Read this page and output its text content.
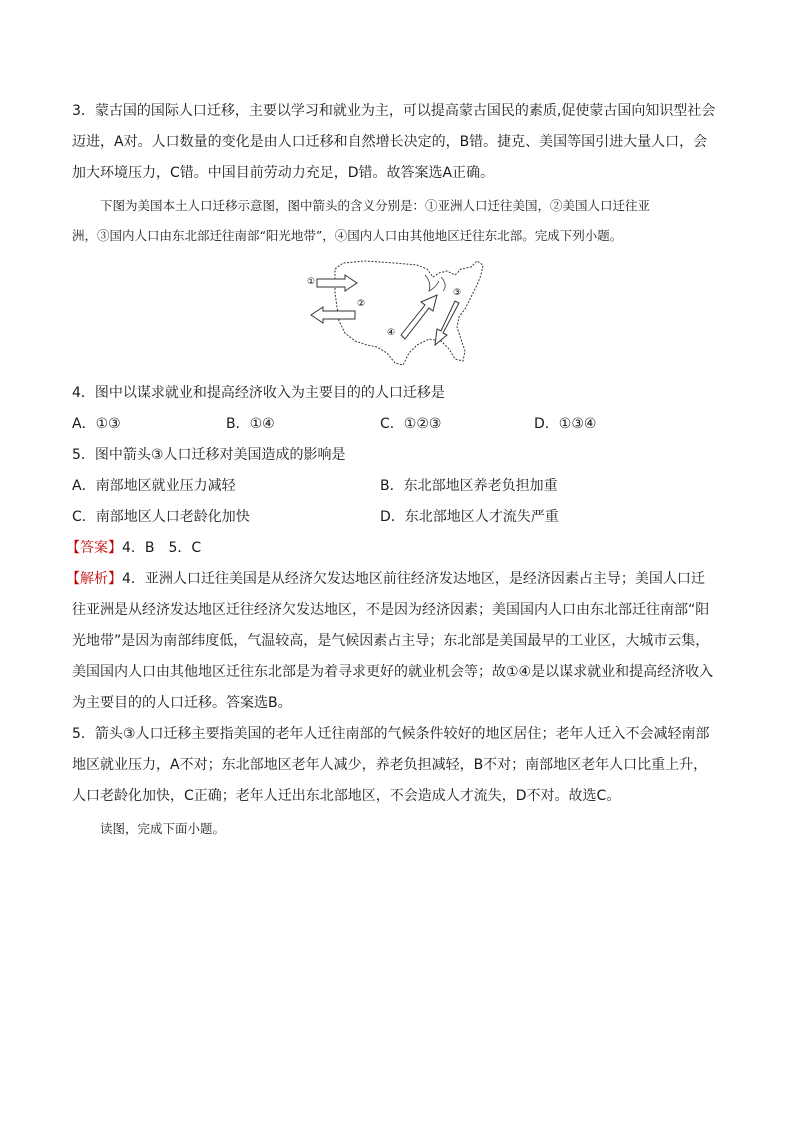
3．蒙古国的国际人口迁移，主要以学习和就业为主，可以提高蒙古国民的素质,促使蒙古国向知识型社会
迈进，A对。人口数量的变化是由人口迁移和自然增长决定的，B错。捷克、美国等国引进大量人口，会
加大环境压力，C错。中国目前劳动力充足，D错。故答案选A正确。
下图为美国本土人口迁移示意图，图中箭头的含义分别是：①亚洲人口迁往美国，②美国人口迁往亚
洲，③国内人口由东北部迁往南部“阳光地带”，④国内人口由其他地区迁往东北部。完成下列小题。
①
②
③
④
4．图中以谋求就业和提高经济收入为主要目的的人口迁移是
A．①③	B．①④	C．①②③	D．①③④
5．图中箭头③人口迁移对美国造成的影响是
A．南部地区就业压力减轻	B．东北部地区养老负担加重
C．南部地区人口老龄化加快	D．东北部地区人才流失严重
【答案】4．B　5．C
【解析】4．亚洲人口迁往美国是从经济欠发达地区前往经济发达地区，是经济因素占主导；美国人口迁
往亚洲是从经济发达地区迁往经济欠发达地区，不是因为经济因素；美国国内人口由东北部迁往南部“阳
光地带”是因为南部纬度低，气温较高，是气候因素占主导；东北部是美国最早的工业区，大城市云集，
美国国内人口由其他地区迁往东北部是为着寻求更好的就业机会等；故①④是以谋求就业和提高经济收入
为主要目的的人口迁移。答案选B。
5．箭头③人口迁移主要指美国的老年人迁往南部的气候条件较好的地区居住；老年人迁入不会减轻南部
地区就业压力，A不对；东北部地区老年人减少，养老负担减轻，B不对；南部地区老年人口比重上升，
人口老龄化加快，C正确；老年人迁出东北部地区，不会造成人才流失，D不对。故选C。
读图，完成下面小题。
